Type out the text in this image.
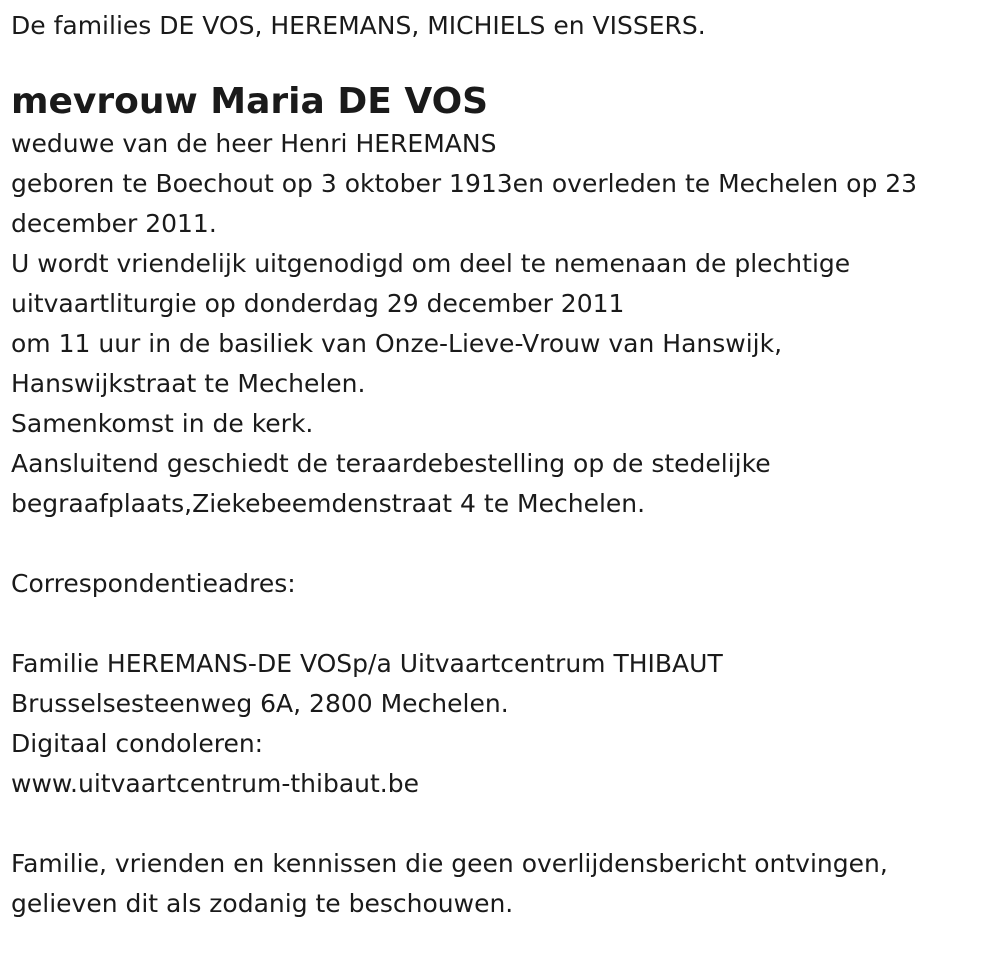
De families DE VOS, HEREMANS, MICHIELS en VISSERS.
mevrouw Maria DE VOS
weduwe van de heer Henri HEREMANS
geboren te Boechout op 3 oktober 1913en overleden te Mechelen op 23
december 2011.
U wordt vriendelijk uitgenodigd om deel te nemenaan de plechtige
uitvaartliturgie op donderdag 29 december 2011
om 11 uur in de basiliek van Onze-Lieve-Vrouw van Hanswijk,
Hanswijkstraat te Mechelen.
Samenkomst in de kerk.
Aansluitend geschiedt de teraardebestelling op de stedelijke
begraafplaats,Ziekebeemdenstraat 4 te Mechelen.
Correspondentieadres:
Familie HEREMANS-DE VOSp/a Uitvaartcentrum THIBAUT
Brusselsesteenweg 6A, 2800 Mechelen.
Digitaal condoleren:
www.uitvaartcentrum-thibaut.be
Familie, vrienden en kennissen die geen overlijdensbericht ontvingen,
gelieven dit als zodanig te beschouwen.
